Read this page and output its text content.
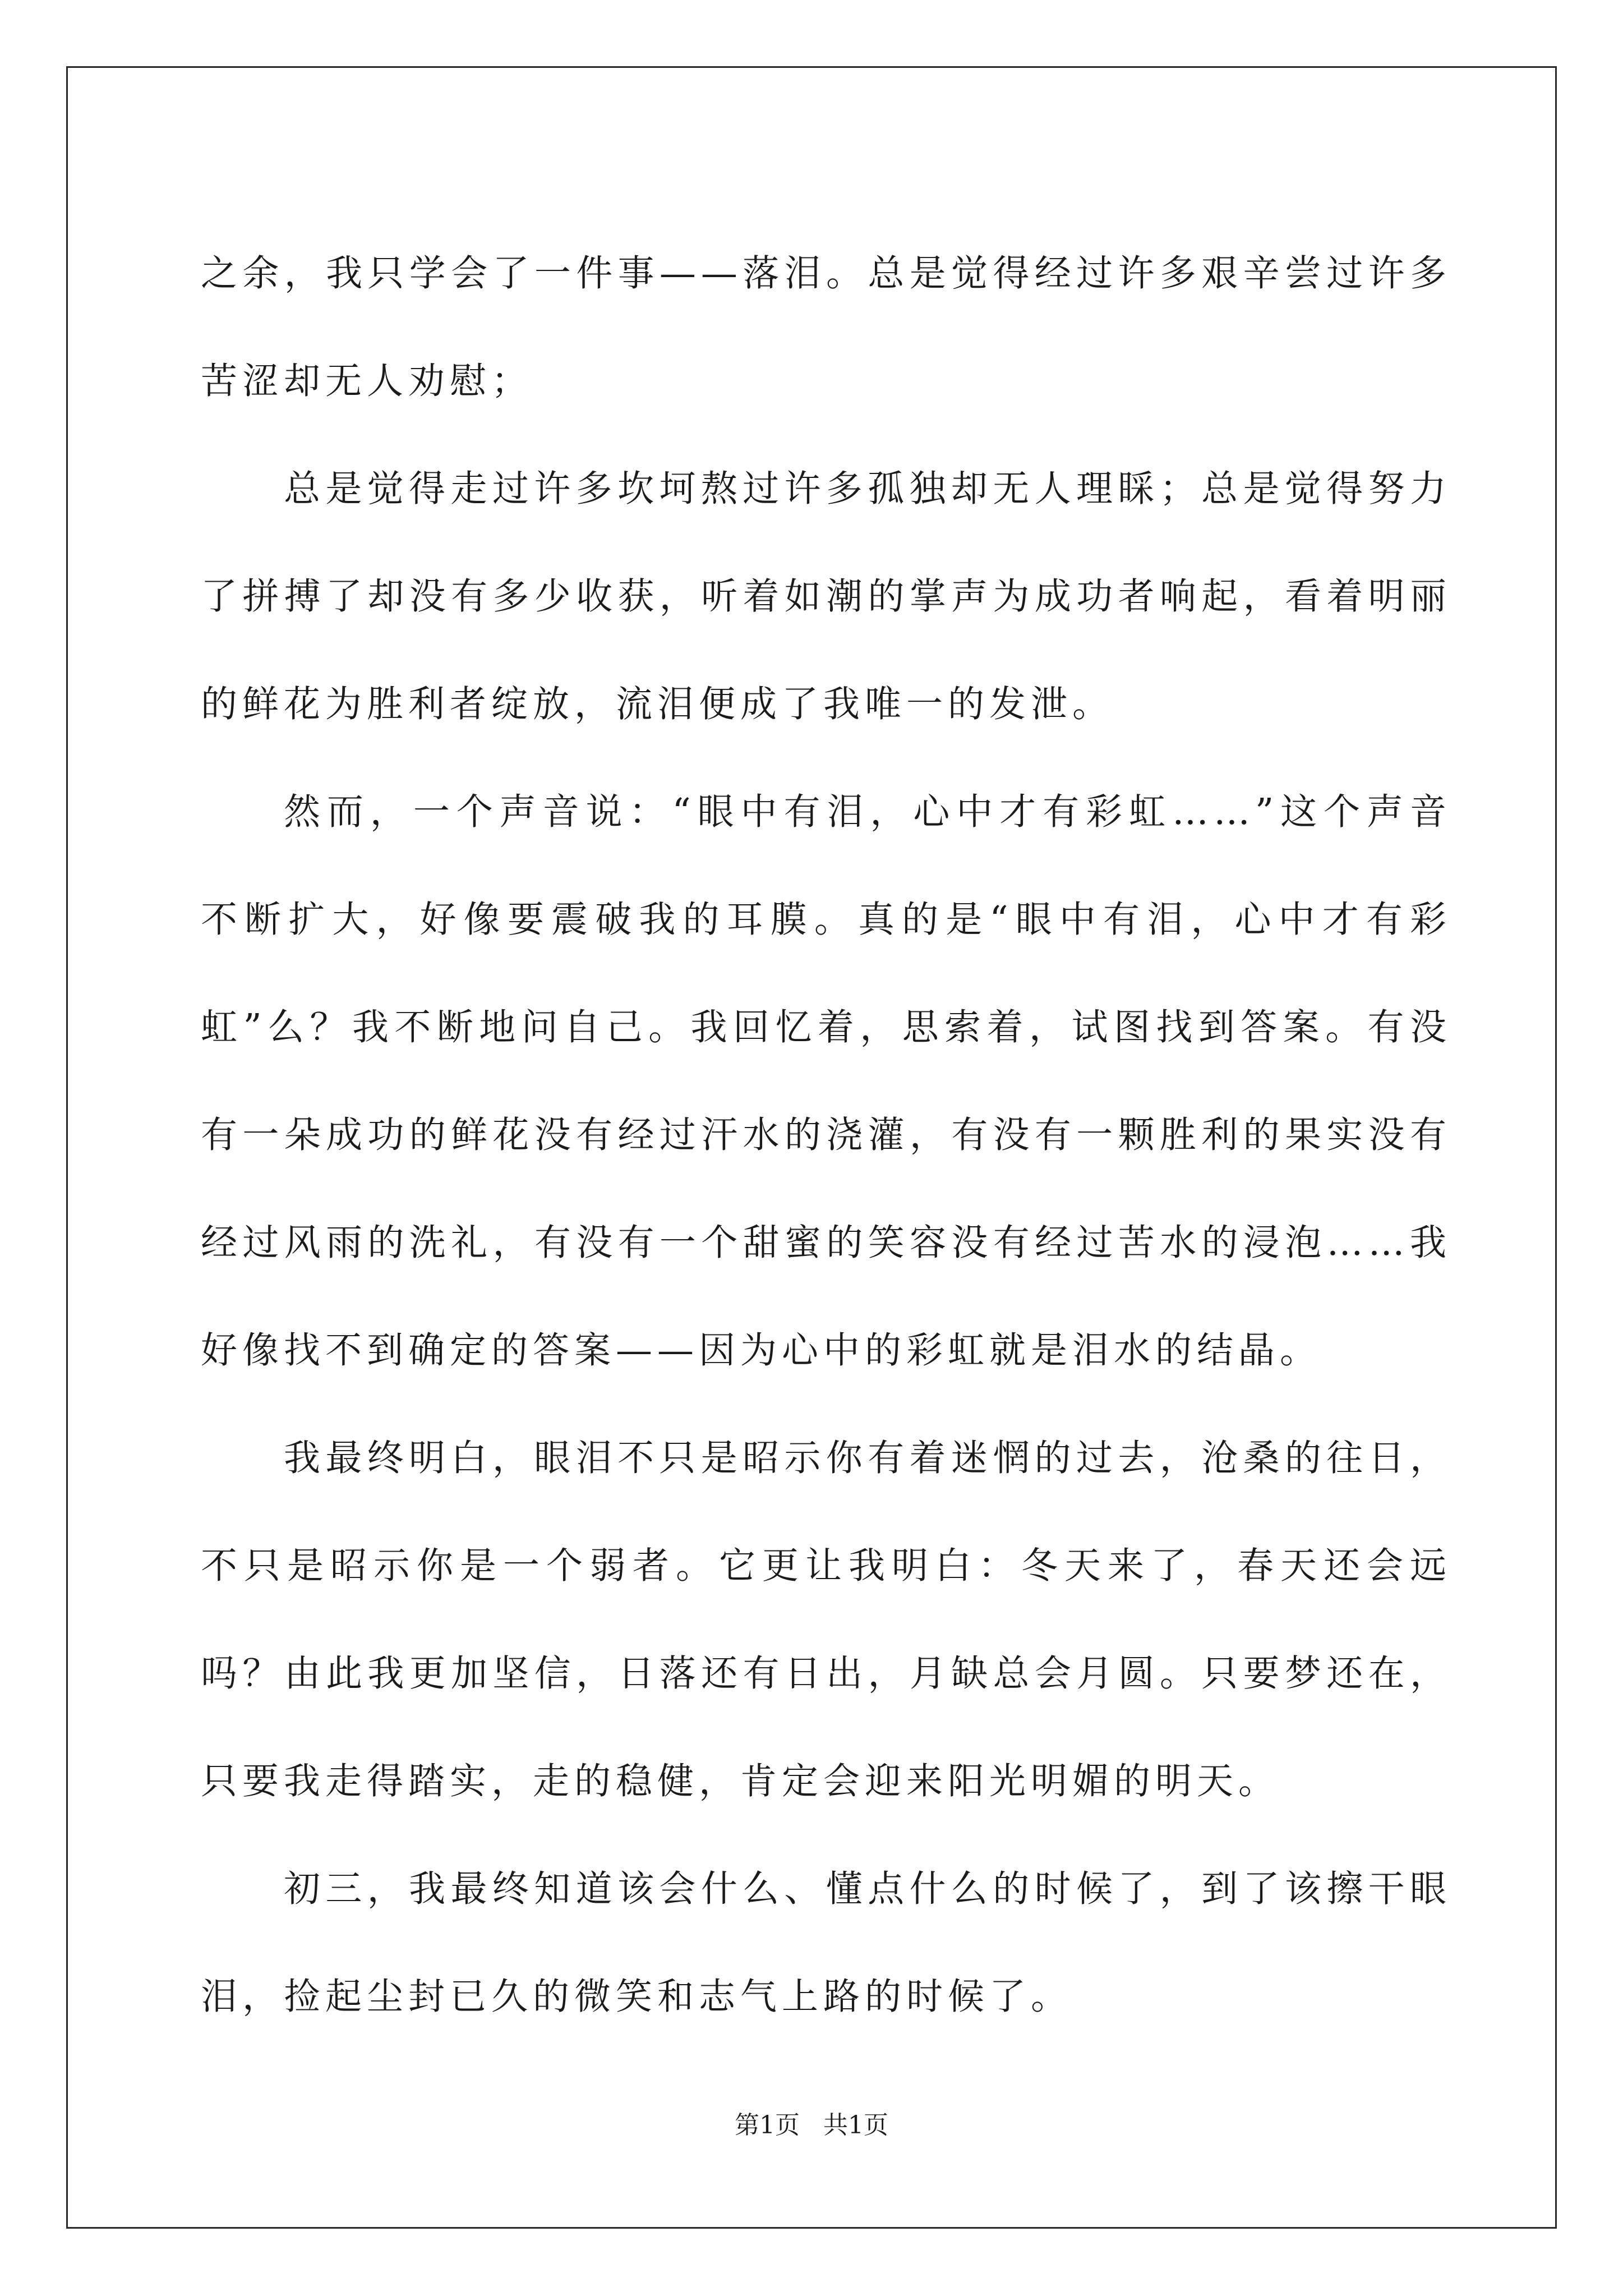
之余，我只学会了一件事——落泪。总是觉得经过许多艰辛尝过许多苦涩却无人劝慰；

总是觉得走过许多坎坷熬过许多孤独却无人理睬；总是觉得努力了拼搏了却没有多少收获，听着如潮的掌声为成功者响起，看着明丽的鲜花为胜利者绽放，流泪便成了我唯一的发泄。

然而，一个声音说：“眼中有泪，心中才有彩虹……”这个声音不断扩大，好像要震破我的耳膜。真的是“眼中有泪，心中才有彩虹”么？我不断地问自己。我回忆着，思索着，试图找到答案。有没有一朵成功的鲜花没有经过汗水的浇灌，有没有一颗胜利的果实没有经过风雨的洗礼，有没有一个甜蜜的笑容没有经过苦水的浸泡……我好像找不到确定的答案——因为心中的彩虹就是泪水的结晶。

我最终明白，眼泪不只是昭示你有着迷惘的过去，沧桑的往日，不只是昭示你是一个弱者。它更让我明白：冬天来了，春天还会远吗？由此我更加坚信，日落还有日出，月缺总会月圆。只要梦还在，只要我走得踏实，走的稳健，肯定会迎来阳光明媚的明天。

初三，我最终知道该会什么、懂点什么的时候了，到了该擦干眼泪，捡起尘封已久的微笑和志气上路的时候了。

第1页   共1页
